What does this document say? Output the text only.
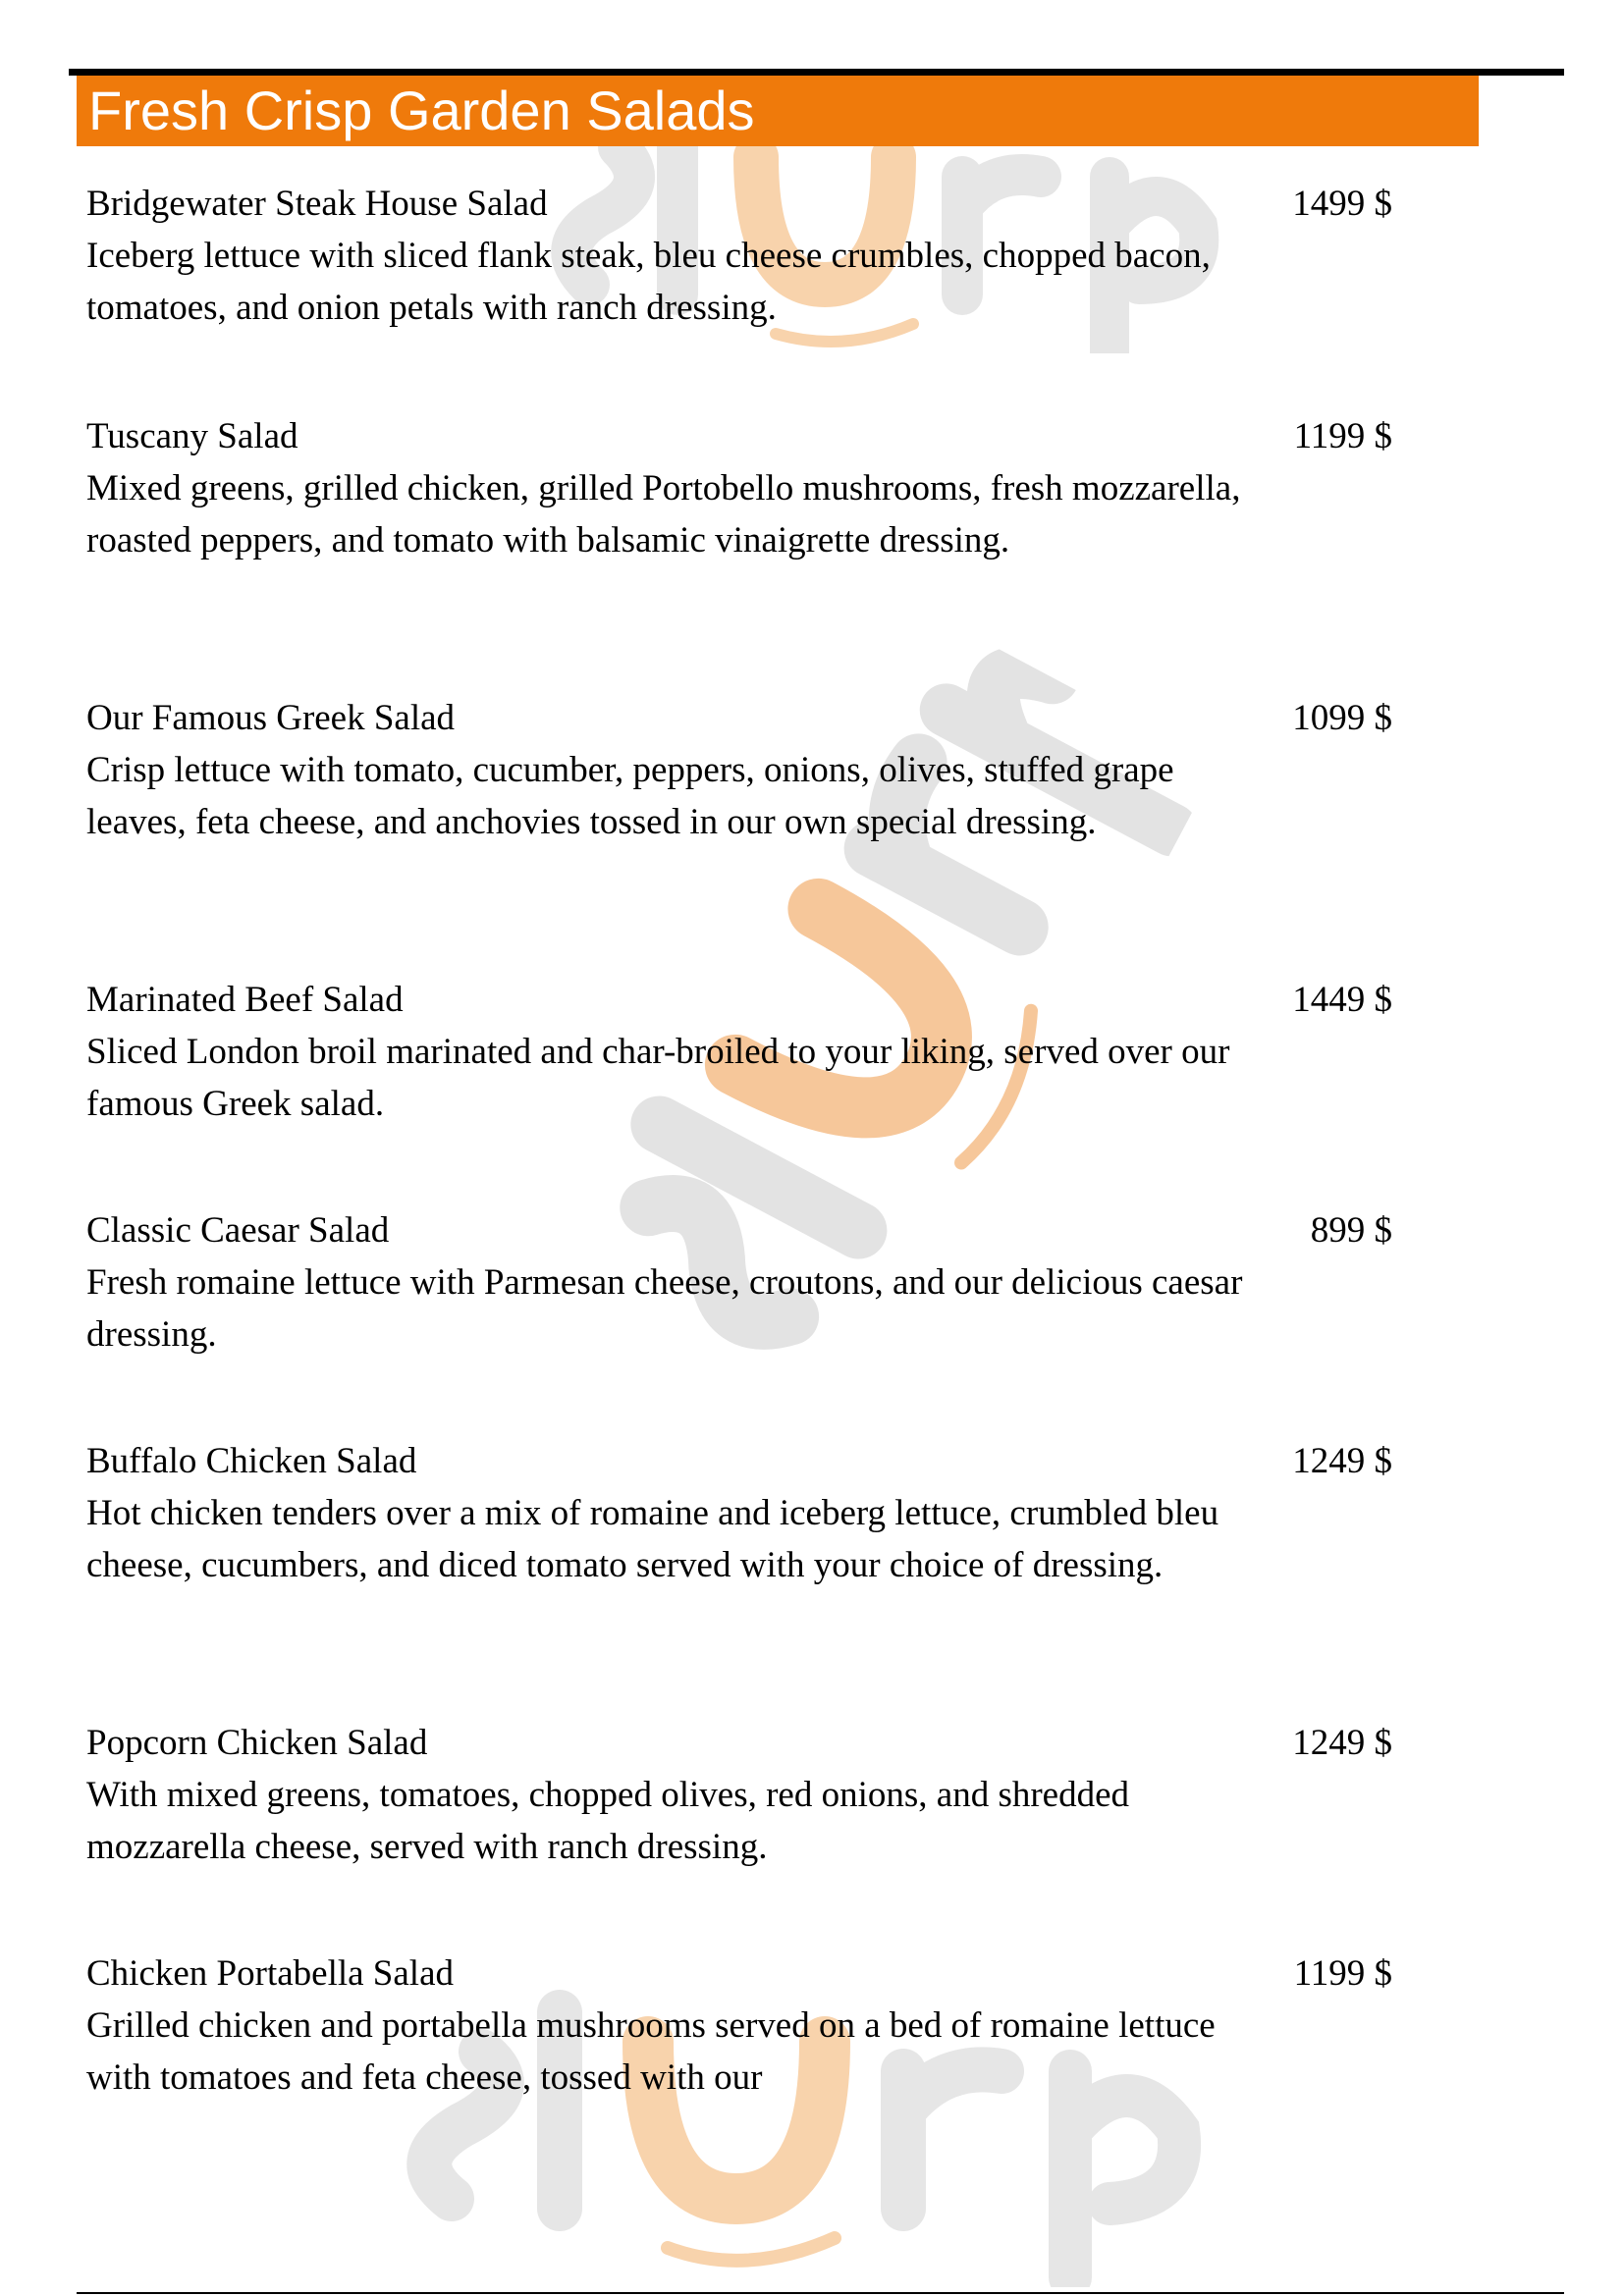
Fresh Crisp Garden Salads
Bridgewater Steak House Salad	1499 $
Iceberg lettuce with sliced flank steak, bleu cheese crumbles, chopped bacon, tomatoes, and onion petals with ranch dressing.
Tuscany Salad	1199 $
Mixed greens, grilled chicken, grilled Portobello mushrooms, fresh mozzarella, roasted peppers, and tomato with balsamic vinaigrette dressing.
Our Famous Greek Salad	1099 $
Crisp lettuce with tomato, cucumber, peppers, onions, olives, stuffed grape leaves, feta cheese, and anchovies tossed in our own special dressing.
Marinated Beef Salad	1449 $
Sliced London broil marinated and char-broiled to your liking, served over our famous Greek salad.
Classic Caesar Salad	899 $
Fresh romaine lettuce with Parmesan cheese, croutons, and our delicious caesar dressing.
Buffalo Chicken Salad	1249 $
Hot chicken tenders over a mix of romaine and iceberg lettuce, crumbled bleu cheese, cucumbers, and diced tomato served with your choice of dressing.
Popcorn Chicken Salad	1249 $
With mixed greens, tomatoes, chopped olives, red onions, and shredded mozzarella cheese, served with ranch dressing.
Chicken Portabella Salad	1199 $
Grilled chicken and portabella mushrooms served on a bed of romaine lettuce with tomatoes and feta cheese, tossed with our
